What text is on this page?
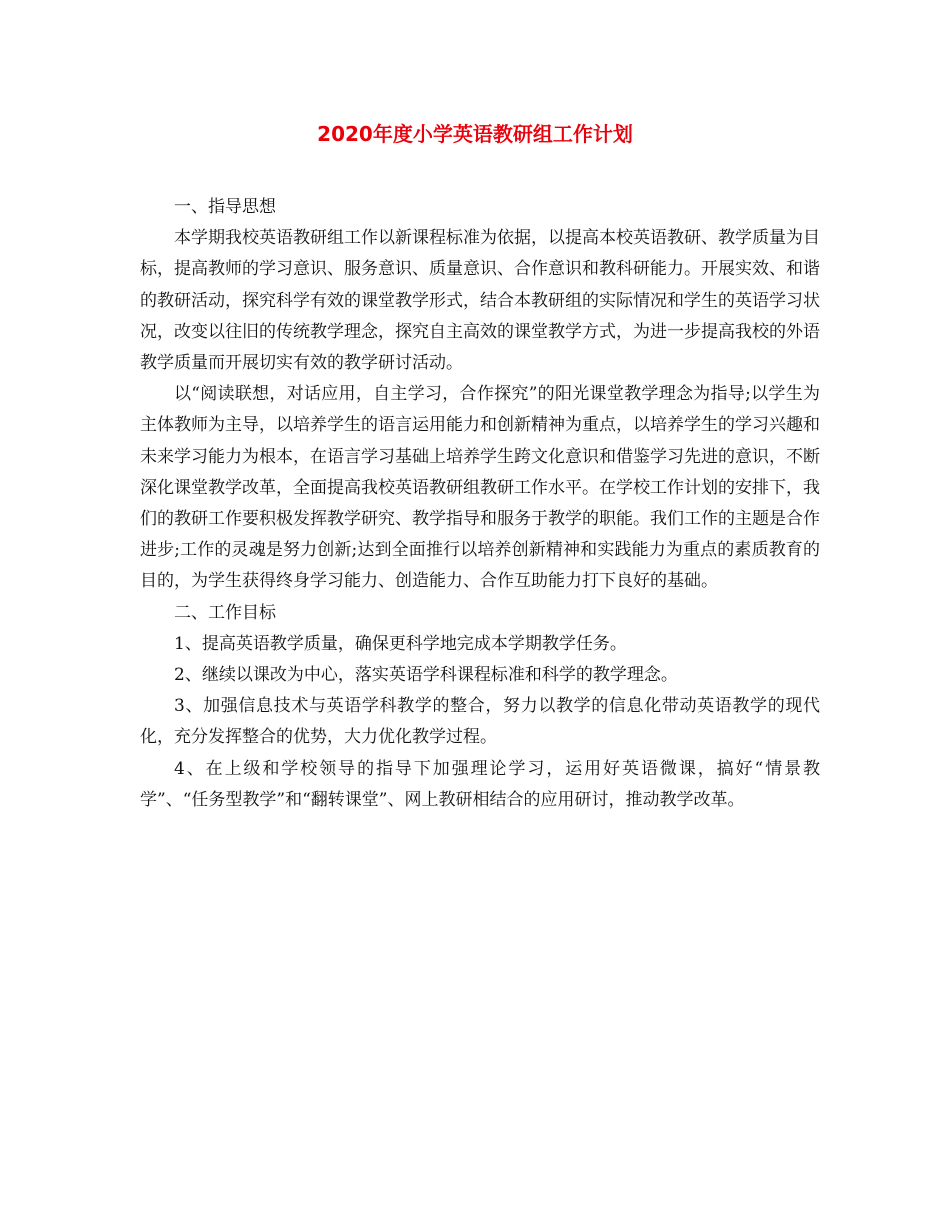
2020年度小学英语教研组工作计划

一、指导思想

本学期我校英语教研组工作以新课程标准为依据，以提高本校英语教研、教学质量为目标，提高教师的学习意识、服务意识、质量意识、合作意识和教科研能力。开展实效、和谐的教研活动，探究科学有效的课堂教学形式，结合本教研组的实际情况和学生的英语学习状况，改变以往旧的传统教学理念，探究自主高效的课堂教学方式，为进一步提高我校的外语教学质量而开展切实有效的教学研讨活动。

以“阅读联想，对话应用，自主学习，合作探究”的阳光课堂教学理念为指导;以学生为主体教师为主导，以培养学生的语言运用能力和创新精神为重点，以培养学生的学习兴趣和未来学习能力为根本，在语言学习基础上培养学生跨文化意识和借鉴学习先进的意识，不断深化课堂教学改革，全面提高我校英语教研组教研工作水平。在学校工作计划的安排下，我们的教研工作要积极发挥教学研究、教学指导和服务于教学的职能。我们工作的主题是合作进步;工作的灵魂是努力创新;达到全面推行以培养创新精神和实践能力为重点的素质教育的目的，为学生获得终身学习能力、创造能力、合作互助能力打下良好的基础。

二、工作目标

1、提高英语教学质量，确保更科学地完成本学期教学任务。

2、继续以课改为中心，落实英语学科课程标准和科学的教学理念。

3、加强信息技术与英语学科教学的整合，努力以教学的信息化带动英语教学的现代化，充分发挥整合的优势，大力优化教学过程。

4、在上级和学校领导的指导下加强理论学习，运用好英语微课，搞好“情景教学”、“任务型教学”和“翻转课堂”、网上教研相结合的应用研讨，推动教学改革。
